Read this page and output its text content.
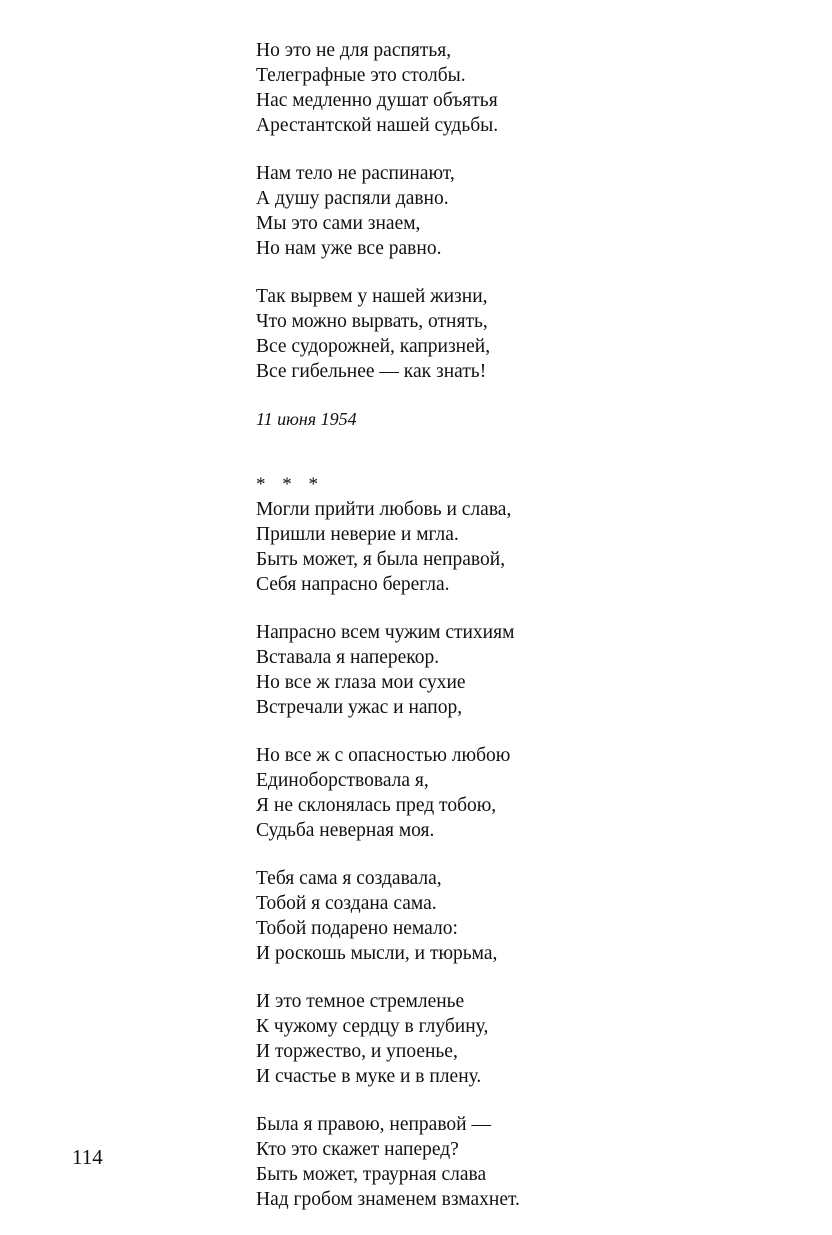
Но это не для распятья,
Телеграфные это столбы.
Нас медленно душат объятья
Арестантской нашей судьбы.
Нам тело не распинают,
А душу распяли давно.
Мы это сами знаем,
Но нам уже все равно.
Так вырвем у нашей жизни,
Что можно вырвать, отнять,
Все судорожней, капризней,
Все гибельнее — как знать!
11 июня 1954
* * *
Могли прийти любовь и слава,
Пришли неверие и мгла.
Быть может, я была неправой,
Себя напрасно берегла.
Напрасно всем чужим стихиям
Вставала я наперекор.
Но все ж глаза мои сухие
Встречали ужас и напор,
Но все ж с опасностью любою
Единоборствовала я,
Я не склонялась пред тобою,
Судьба неверная моя.
Тебя сама я создавала,
Тобой я создана сама.
Тобой подарено немало:
И роскошь мысли, и тюрьма,
И это темное стремленье
К чужому сердцу в глубину,
И торжество, и упоенье,
И счастье в муке и в плену.
Была я правою, неправой —
Кто это скажет наперед?
Быть может, траурная слава
Над гробом знаменем взмахнет.
114
